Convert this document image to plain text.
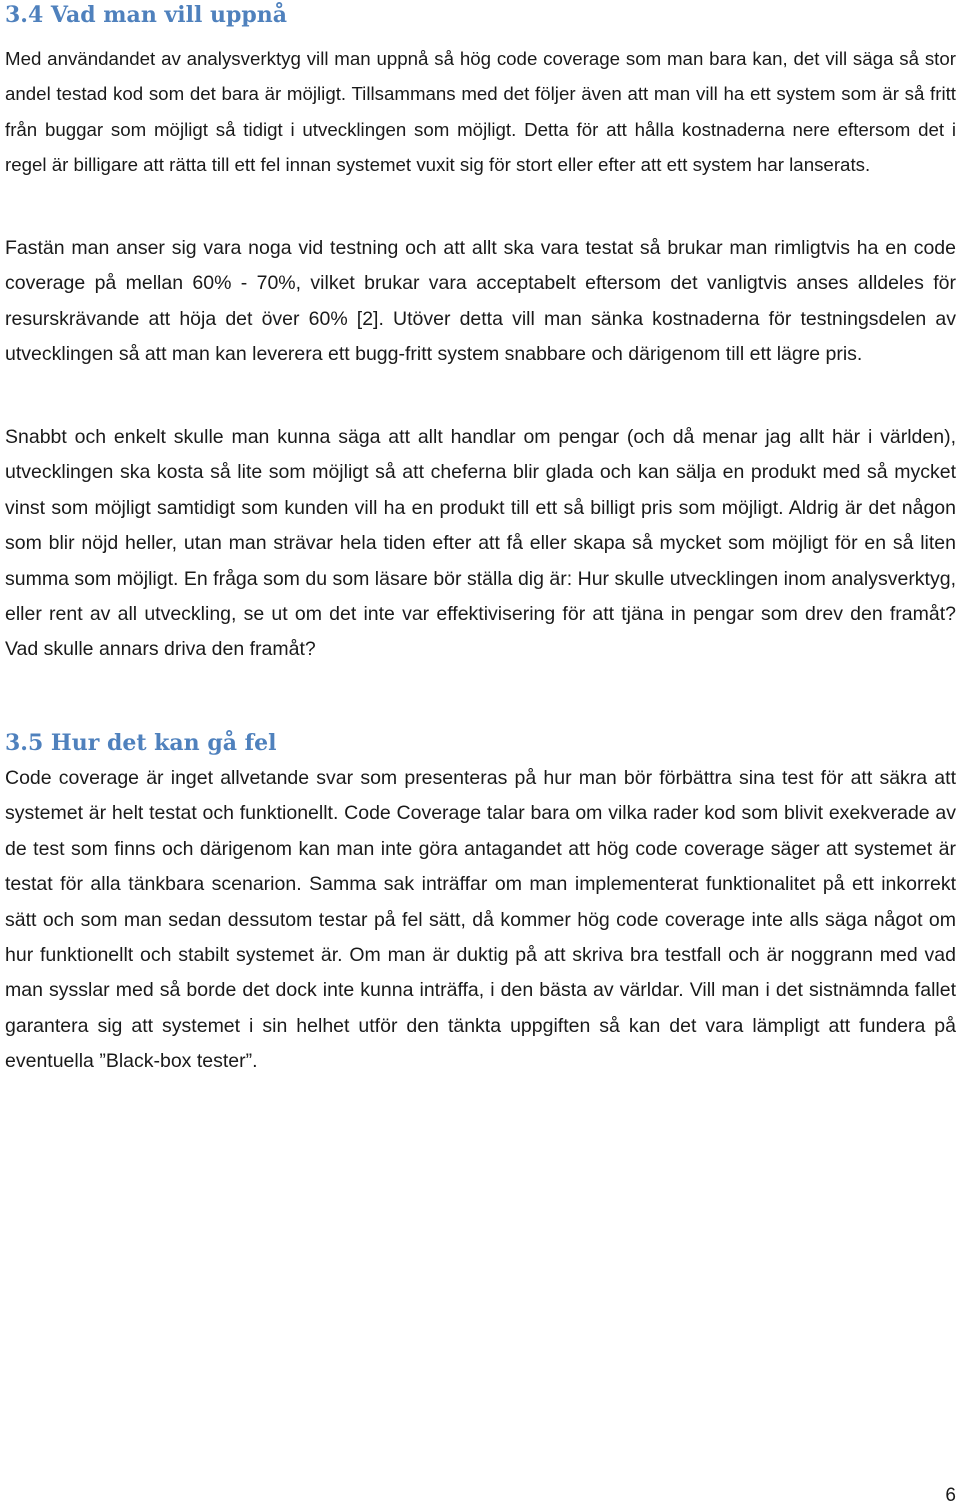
3.4 Vad man vill uppnå

Med användandet av analysverktyg vill man uppnå så hög code coverage som man bara kan, det vill säga så stor andel testad kod som det bara är möjligt. Tillsammans med det följer även att man vill ha ett system som är så fritt från buggar som möjligt så tidigt i utvecklingen som möjligt. Detta för att hålla kostnaderna nere eftersom det i regel är billigare att rätta till ett fel innan systemet vuxit sig för stort eller efter att ett system har lanserats.

Fastän man anser sig vara noga vid testning och att allt ska vara testat så brukar man rimligtvis ha en code coverage på mellan 60% - 70%, vilket brukar vara acceptabelt eftersom det vanligtvis anses alldeles för resurskrävande att höja det över 60% [2]. Utöver detta vill man sänka kostnaderna för testningsdelen av utvecklingen så att man kan leverera ett bugg-fritt system snabbare och därigenom till ett lägre pris.

Snabbt och enkelt skulle man kunna säga att allt handlar om pengar (och då menar jag allt här i världen), utvecklingen ska kosta så lite som möjligt så att cheferna blir glada och kan sälja en produkt med så mycket vinst som möjligt samtidigt som kunden vill ha en produkt till ett så billigt pris som möjligt. Aldrig är det någon som blir nöjd heller, utan man strävar hela tiden efter att få eller skapa så mycket som möjligt för en så liten summa som möjligt. En fråga som du som läsare bör ställa dig är: Hur skulle utvecklingen inom analysverktyg, eller rent av all utveckling, se ut om det inte var effektivisering för att tjäna in pengar som drev den framåt? Vad skulle annars driva den framåt?

3.5 Hur det kan gå fel

Code coverage är inget allvetande svar som presenteras på hur man bör förbättra sina test för att säkra att systemet är helt testat och funktionellt. Code Coverage talar bara om vilka rader kod som blivit exekverade av de test som finns och därigenom kan man inte göra antagandet att hög code coverage säger att systemet är testat för alla tänkbara scenarion. Samma sak inträffar om man implementerat funktionalitet på ett inkorrekt sätt och som man sedan dessutom testar på fel sätt, då kommer hög code coverage inte alls säga något om hur funktionellt och stabilt systemet är. Om man är duktig på att skriva bra testfall och är noggrann med vad man sysslar med så borde det dock inte kunna inträffa, i den bästa av världar. Vill man i det sistnämnda fallet garantera sig att systemet i sin helhet utför den tänkta uppgiften så kan det vara lämpligt att fundera på eventuella ”Black-box tester”.

6
